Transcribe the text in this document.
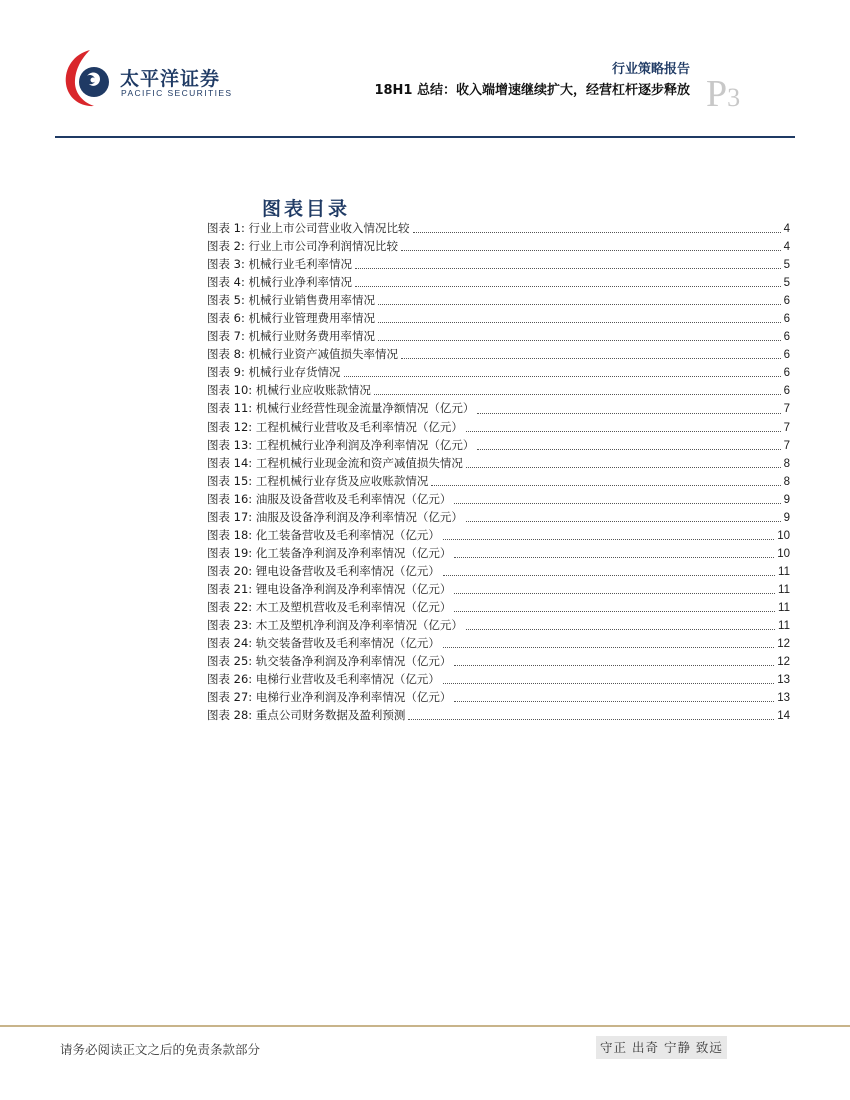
太平洋证券
PACIFIC SECURITIES
行业策略报告
18H1 总结：收入端增速继续扩大，经营杠杆逐步释放 P3
图表目录
图表 1: 行业上市公司营业收入情况比较	4
图表 2: 行业上市公司净利润情况比较	4
图表 3: 机械行业毛利率情况	5
图表 4: 机械行业净利率情况	5
图表 5: 机械行业销售费用率情况	6
图表 6: 机械行业管理费用率情况	6
图表 7: 机械行业财务费用率情况	6
图表 8: 机械行业资产减值损失率情况	6
图表 9: 机械行业存货情况	6
图表 10: 机械行业应收账款情况	6
图表 11: 机械行业经营性现金流量净额情况（亿元）	7
图表 12: 工程机械行业营收及毛利率情况（亿元）	7
图表 13: 工程机械行业净利润及净利率情况（亿元）	7
图表 14: 工程机械行业现金流和资产减值损失情况	8
图表 15: 工程机械行业存货及应收账款情况	8
图表 16: 油服及设备营收及毛利率情况（亿元）	9
图表 17: 油服及设备净利润及净利率情况（亿元）	9
图表 18: 化工装备营收及毛利率情况（亿元）	10
图表 19: 化工装备净利润及净利率情况（亿元）	10
图表 20: 锂电设备营收及毛利率情况（亿元）	11
图表 21: 锂电设备净利润及净利率情况（亿元）	11
图表 22: 木工及塑机营收及毛利率情况（亿元）	11
图表 23: 木工及塑机净利润及净利率情况（亿元）	11
图表 24: 轨交装备营收及毛利率情况（亿元）	12
图表 25: 轨交装备净利润及净利率情况（亿元）	12
图表 26: 电梯行业营收及毛利率情况（亿元）	13
图表 27: 电梯行业净利润及净利率情况（亿元）	13
图表 28: 重点公司财务数据及盈利预测	14
请务必阅读正文之后的免责条款部分	守正 出奇 宁静 致远
